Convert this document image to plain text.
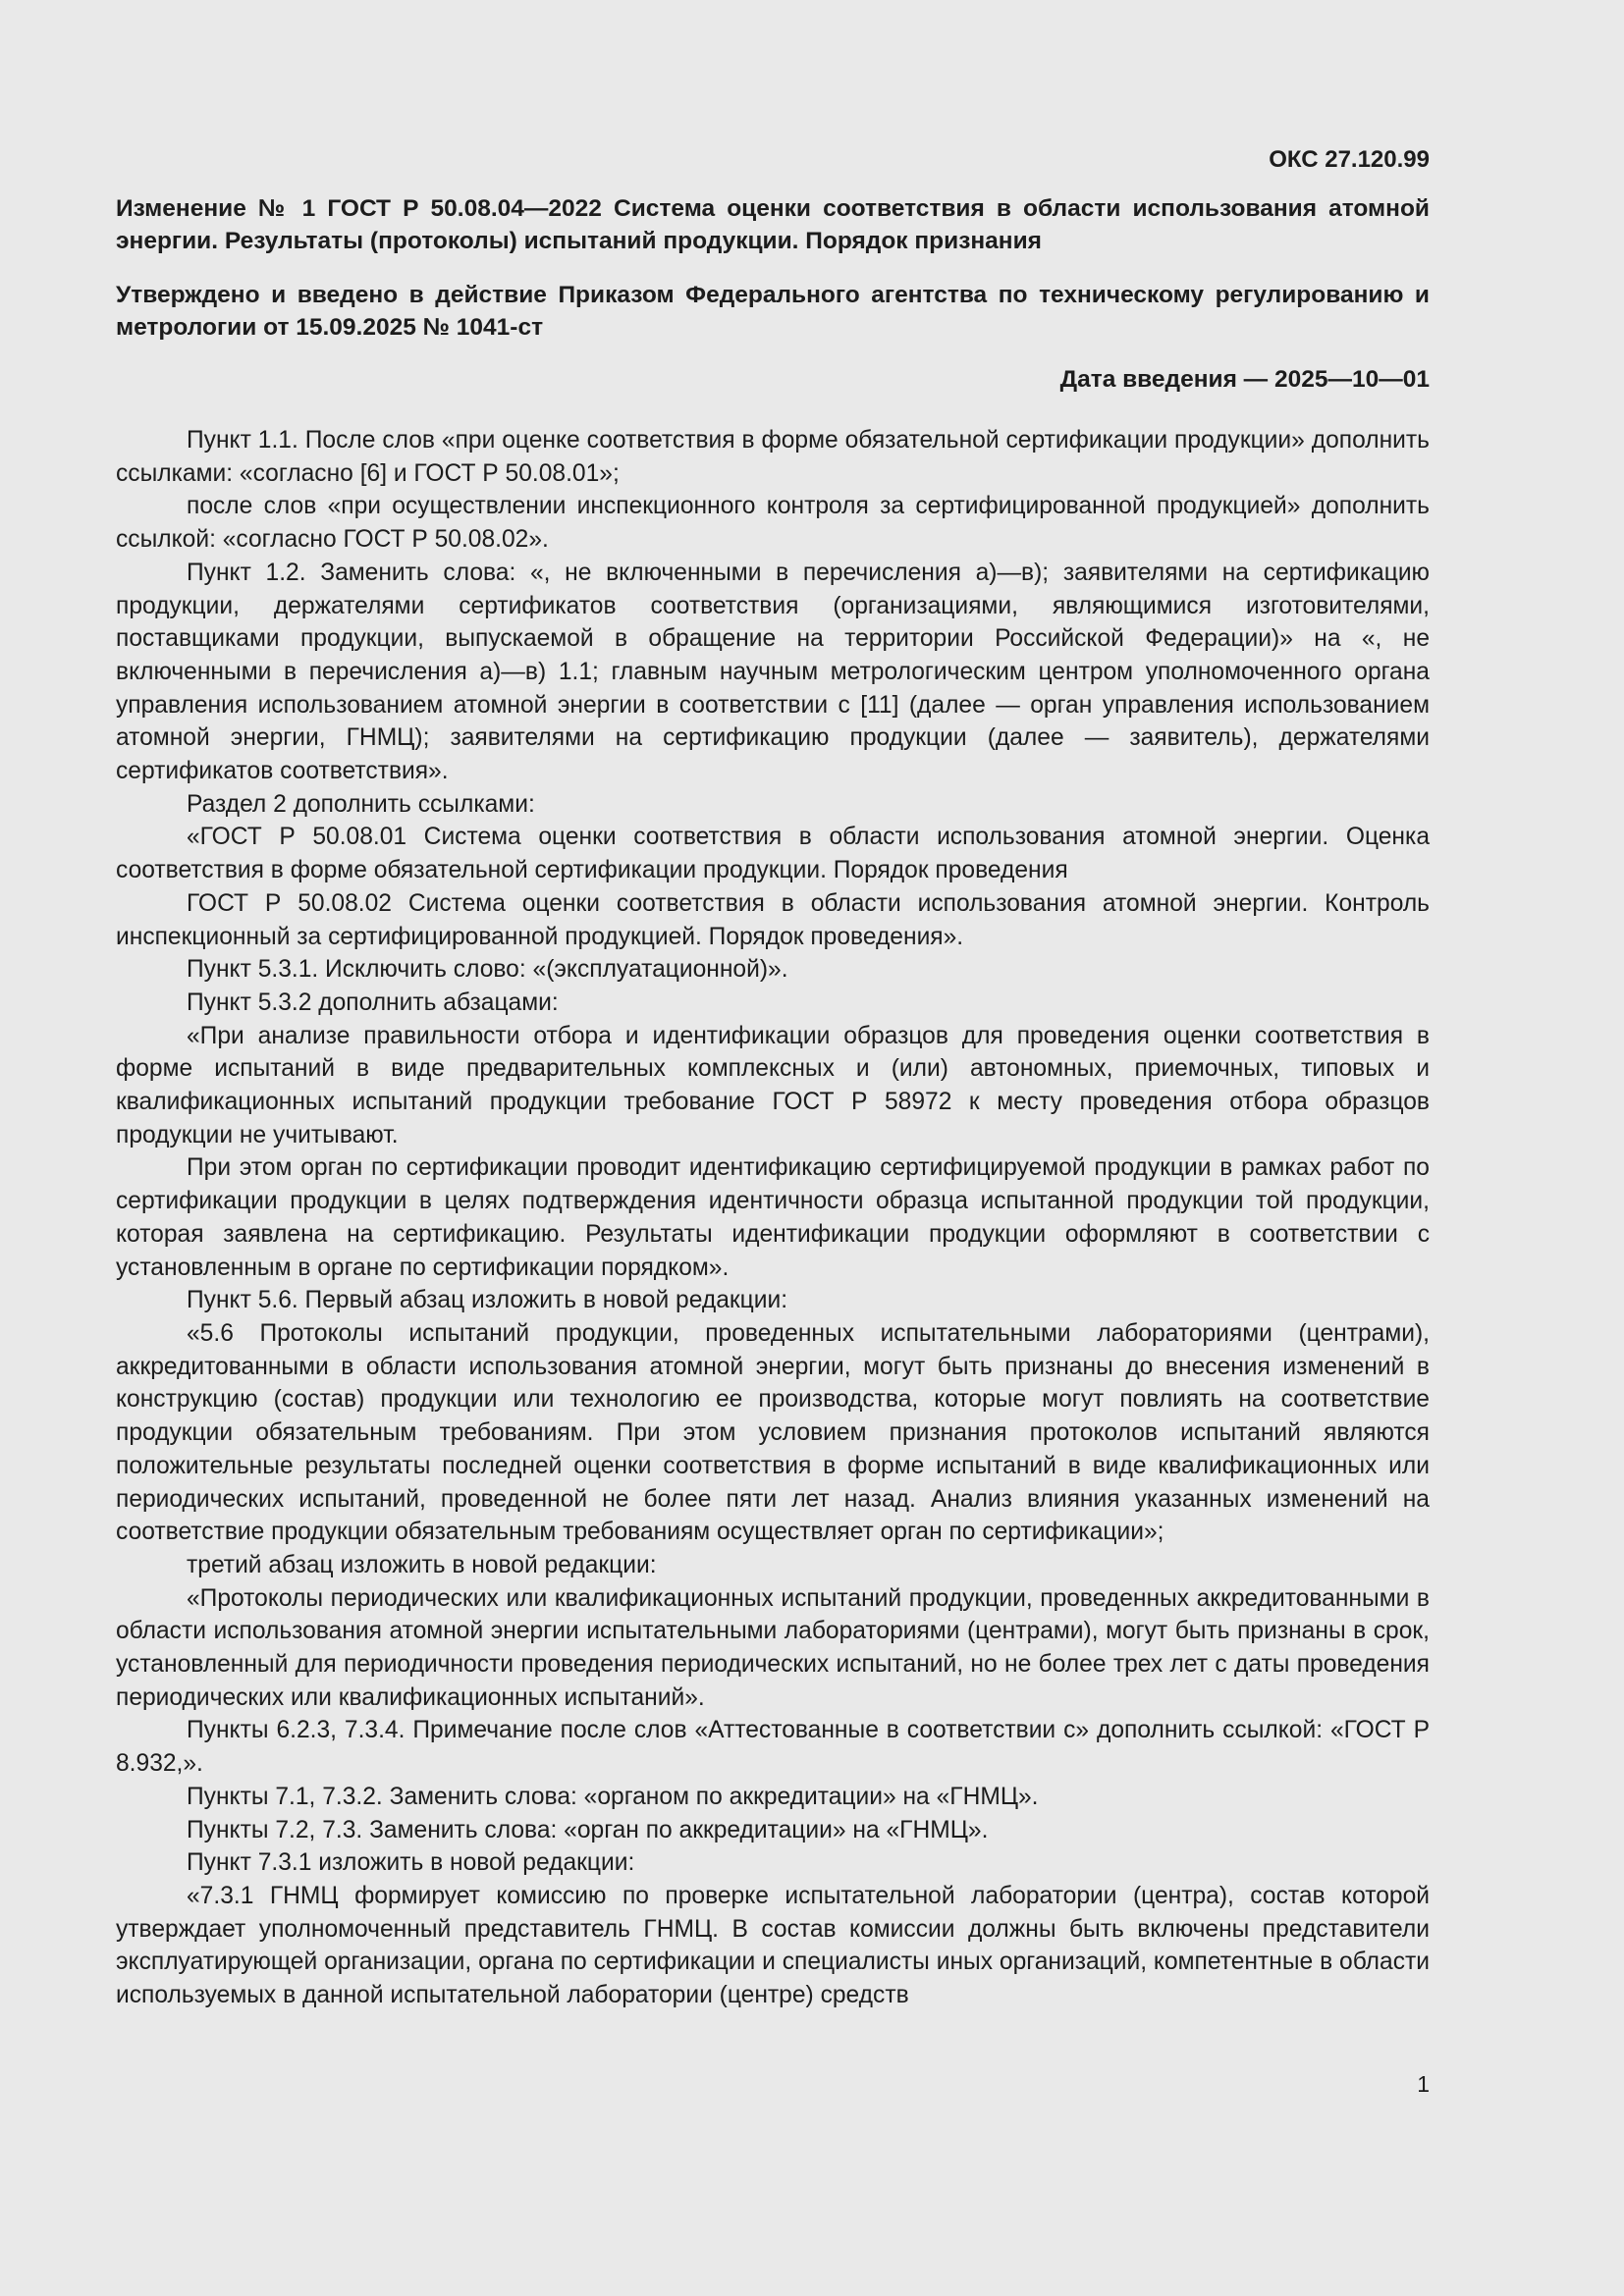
ОКС 27.120.99
Изменение № 1 ГОСТ Р 50.08.04—2022 Система оценки соответствия в области использования атомной энергии. Результаты (протоколы) испытаний продукции. Порядок признания
Утверждено и введено в действие Приказом Федерального агентства по техническому регулированию и метрологии от 15.09.2025 № 1041-ст
Дата введения — 2025—10—01

Пункт 1.1. После слов «при оценке соответствия в форме обязательной сертификации продукции» дополнить ссылками: «согласно [6] и ГОСТ Р 50.08.01»;

после слов «при осуществлении инспекционного контроля за сертифицированной продукцией» дополнить ссылкой: «согласно ГОСТ Р 50.08.02».

Пункт 1.2. Заменить слова: «, не включенными в перечисления а)—в); заявителями на сертификацию продукции, держателями сертификатов соответствия (организациями, являющимися изготовителями, поставщиками продукции, выпускаемой в обращение на территории Российской Федерации)» на «, не включенными в перечисления а)—в) 1.1; главным научным метрологическим центром уполномоченного органа управления использованием атомной энергии в соответствии с [11] (далее — орган управления использованием атомной энергии, ГНМЦ); заявителями на сертификацию продукции (далее — заявитель), держателями сертификатов соответствия».

Раздел 2 дополнить ссылками:

«ГОСТ Р 50.08.01 Система оценки соответствия в области использования атомной энергии. Оценка соответствия в форме обязательной сертификации продукции. Порядок проведения

ГОСТ Р 50.08.02 Система оценки соответствия в области использования атомной энергии. Контроль инспекционный за сертифицированной продукцией. Порядок проведения».

Пункт 5.3.1. Исключить слово: «(эксплуатационной)».

Пункт 5.3.2 дополнить абзацами:

«При анализе правильности отбора и идентификации образцов для проведения оценки соответствия в форме испытаний в виде предварительных комплексных и (или) автономных, приемочных, типовых и квалификационных испытаний продукции требование ГОСТ Р 58972 к месту проведения отбора образцов продукции не учитывают.

При этом орган по сертификации проводит идентификацию сертифицируемой продукции в рамках работ по сертификации продукции в целях подтверждения идентичности образца испытанной продукции той продукции, которая заявлена на сертификацию. Результаты идентификации продукции оформляют в соответствии с установленным в органе по сертификации порядком».

Пункт 5.6. Первый абзац изложить в новой редакции:

«5.6 Протоколы испытаний продукции, проведенных испытательными лабораториями (центрами), аккредитованными в области использования атомной энергии, могут быть признаны до внесения изменений в конструкцию (состав) продукции или технологию ее производства, которые могут повлиять на соответствие продукции обязательным требованиям. При этом условием признания протоколов испытаний являются положительные результаты последней оценки соответствия в форме испытаний в виде квалификационных или периодических испытаний, проведенной не более пяти лет назад. Анализ влияния указанных изменений на соответствие продукции обязательным требованиям осуществляет орган по сертификации»;

третий абзац изложить в новой редакции:

«Протоколы периодических или квалификационных испытаний продукции, проведенных аккредитованными в области использования атомной энергии испытательными лабораториями (центрами), могут быть признаны в срок, установленный для периодичности проведения периодических испытаний, но не более трех лет с даты проведения периодических или квалификационных испытаний».

Пункты 6.2.3, 7.3.4. Примечание после слов «Аттестованные в соответствии с» дополнить ссылкой: «ГОСТ Р 8.932,».

Пункты 7.1, 7.3.2. Заменить слова: «органом по аккредитации» на «ГНМЦ».

Пункты 7.2, 7.3. Заменить слова: «орган по аккредитации» на «ГНМЦ».

Пункт 7.3.1 изложить в новой редакции:

«7.3.1 ГНМЦ формирует комиссию по проверке испытательной лаборатории (центра), состав которой утверждает уполномоченный представитель ГНМЦ. В состав комиссии должны быть включены представители эксплуатирующей организации, органа по сертификации и специалисты иных организаций, компетентные в области используемых в данной испытательной лаборатории (центре) средств

1
